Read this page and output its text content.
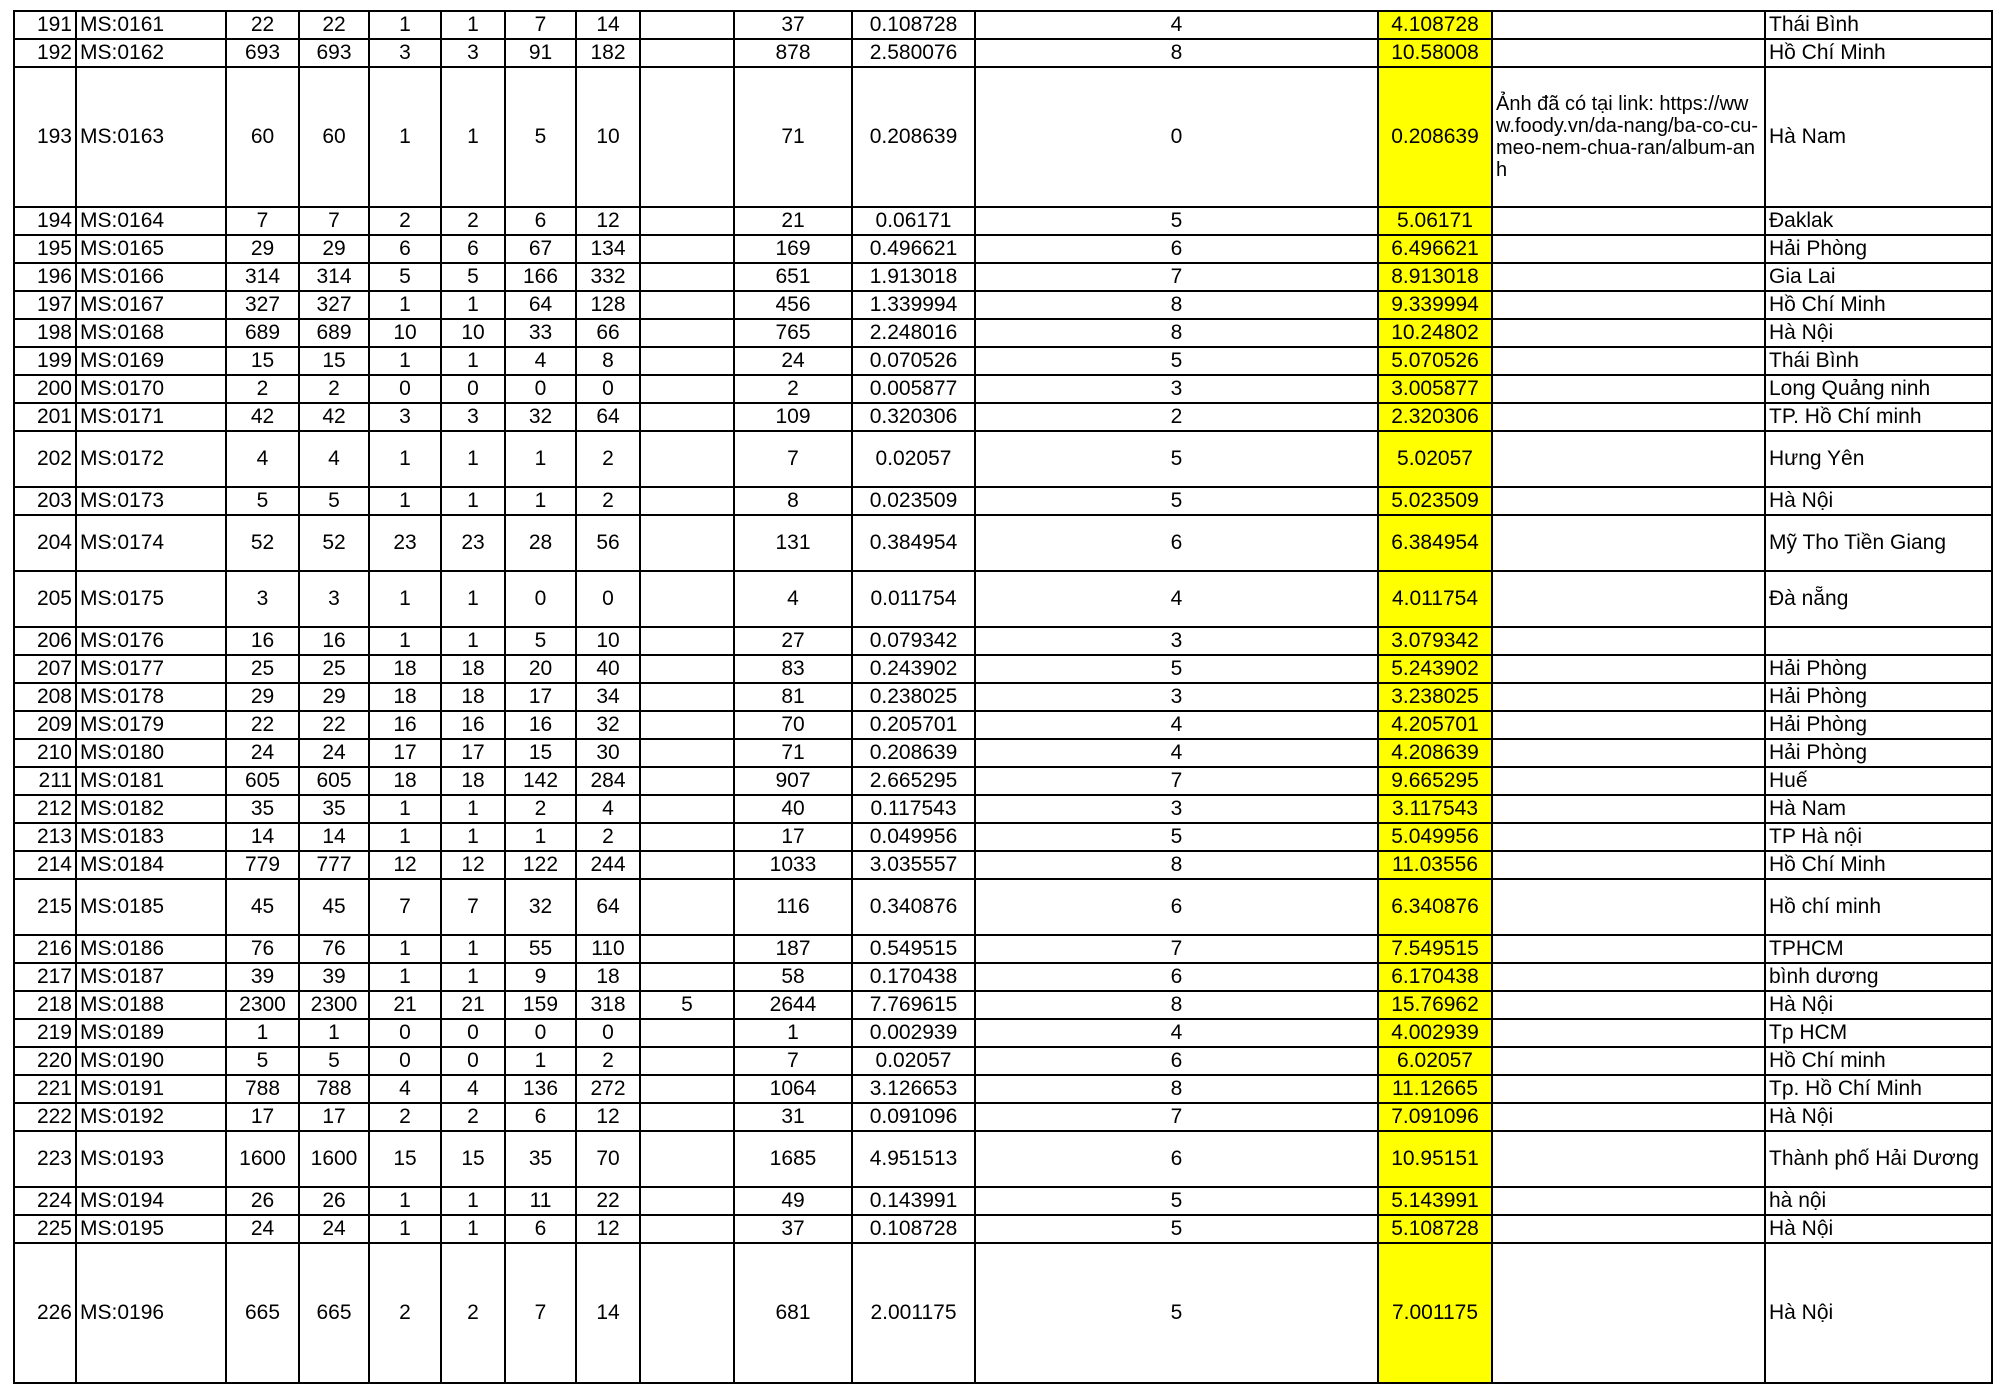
191	MS:0161	22	22	1	1	7	14		37	0.108728	4	4.108728		Thái Bình
192	MS:0162	693	693	3	3	91	182		878	2.580076	8	10.58008		Hồ Chí Minh
193	MS:0163	60	60	1	1	5	10		71	0.208639	0	0.208639	Ảnh đã có tại link: https://www.foody.vn/da-nang/ba-co-cu-meo-nem-chua-ran/album-anh	Hà Nam
194	MS:0164	7	7	2	2	6	12		21	0.06171	5	5.06171		Đaklak
195	MS:0165	29	29	6	6	67	134		169	0.496621	6	6.496621		Hải Phòng
196	MS:0166	314	314	5	5	166	332		651	1.913018	7	8.913018		Gia Lai
197	MS:0167	327	327	1	1	64	128		456	1.339994	8	9.339994		Hồ Chí Minh
198	MS:0168	689	689	10	10	33	66		765	2.248016	8	10.24802		Hà Nội
199	MS:0169	15	15	1	1	4	8		24	0.070526	5	5.070526		Thái Bình
200	MS:0170	2	2	0	0	0	0		2	0.005877	3	3.005877		Long Quảng ninh
201	MS:0171	42	42	3	3	32	64		109	0.320306	2	2.320306		TP. Hồ Chí minh
202	MS:0172	4	4	1	1	1	2		7	0.02057	5	5.02057		Hưng Yên
203	MS:0173	5	5	1	1	1	2		8	0.023509	5	5.023509		Hà Nội
204	MS:0174	52	52	23	23	28	56		131	0.384954	6	6.384954		Mỹ Tho Tiền Giang
205	MS:0175	3	3	1	1	0	0		4	0.011754	4	4.011754		Đà nẵng
206	MS:0176	16	16	1	1	5	10		27	0.079342	3	3.079342		
207	MS:0177	25	25	18	18	20	40		83	0.243902	5	5.243902		Hải Phòng
208	MS:0178	29	29	18	18	17	34		81	0.238025	3	3.238025		Hải Phòng
209	MS:0179	22	22	16	16	16	32		70	0.205701	4	4.205701		Hải Phòng
210	MS:0180	24	24	17	17	15	30		71	0.208639	4	4.208639		Hải Phòng
211	MS:0181	605	605	18	18	142	284		907	2.665295	7	9.665295		Huế
212	MS:0182	35	35	1	1	2	4		40	0.117543	3	3.117543		Hà Nam
213	MS:0183	14	14	1	1	1	2		17	0.049956	5	5.049956		TP Hà nội
214	MS:0184	779	777	12	12	122	244		1033	3.035557	8	11.03556		Hồ Chí Minh
215	MS:0185	45	45	7	7	32	64		116	0.340876	6	6.340876		Hồ chí minh
216	MS:0186	76	76	1	1	55	110		187	0.549515	7	7.549515		TPHCM
217	MS:0187	39	39	1	1	9	18		58	0.170438	6	6.170438		bình dương
218	MS:0188	2300	2300	21	21	159	318	5	2644	7.769615	8	15.76962		Hà Nội
219	MS:0189	1	1	0	0	0	0		1	0.002939	4	4.002939		Tp HCM
220	MS:0190	5	5	0	0	1	2		7	0.02057	6	6.02057		Hồ Chí minh
221	MS:0191	788	788	4	4	136	272		1064	3.126653	8	11.12665		Tp. Hồ Chí Minh
222	MS:0192	17	17	2	2	6	12		31	0.091096	7	7.091096		Hà Nội
223	MS:0193	1600	1600	15	15	35	70		1685	4.951513	6	10.95151		Thành phố Hải Dương
224	MS:0194	26	26	1	1	11	22		49	0.143991	5	5.143991		hà nội
225	MS:0195	24	24	1	1	6	12		37	0.108728	5	5.108728		Hà Nội
226	MS:0196	665	665	2	2	7	14		681	2.001175	5	7.001175		Hà Nội
